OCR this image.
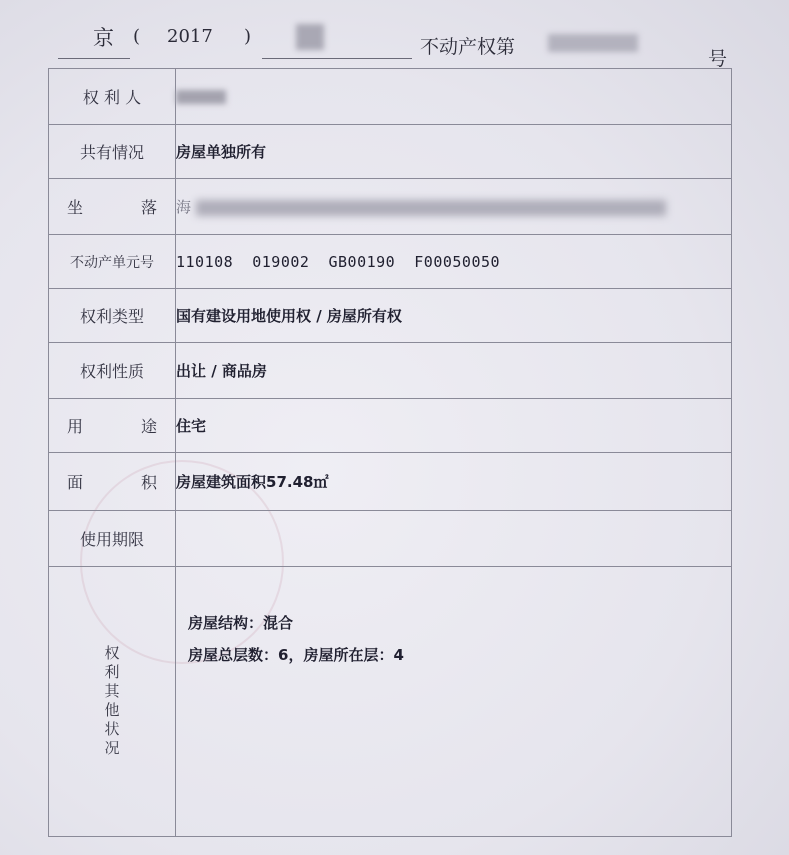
京 ( 2017 )	不动产权第
号
权 利 人	
共有情况	房屋单独所有

坐 落	海
不动产单元号	110108  019002  GB00190  F00050050
权利类型	国有建设用地使用权 / 房屋所有权
权利性质	出让 / 商品房

用 途	住宅

面 积	房屋建筑面积57.48㎡
使用期限	

权利其他状况	房屋结构：混合
房屋总层数：6，房屋所在层：4
